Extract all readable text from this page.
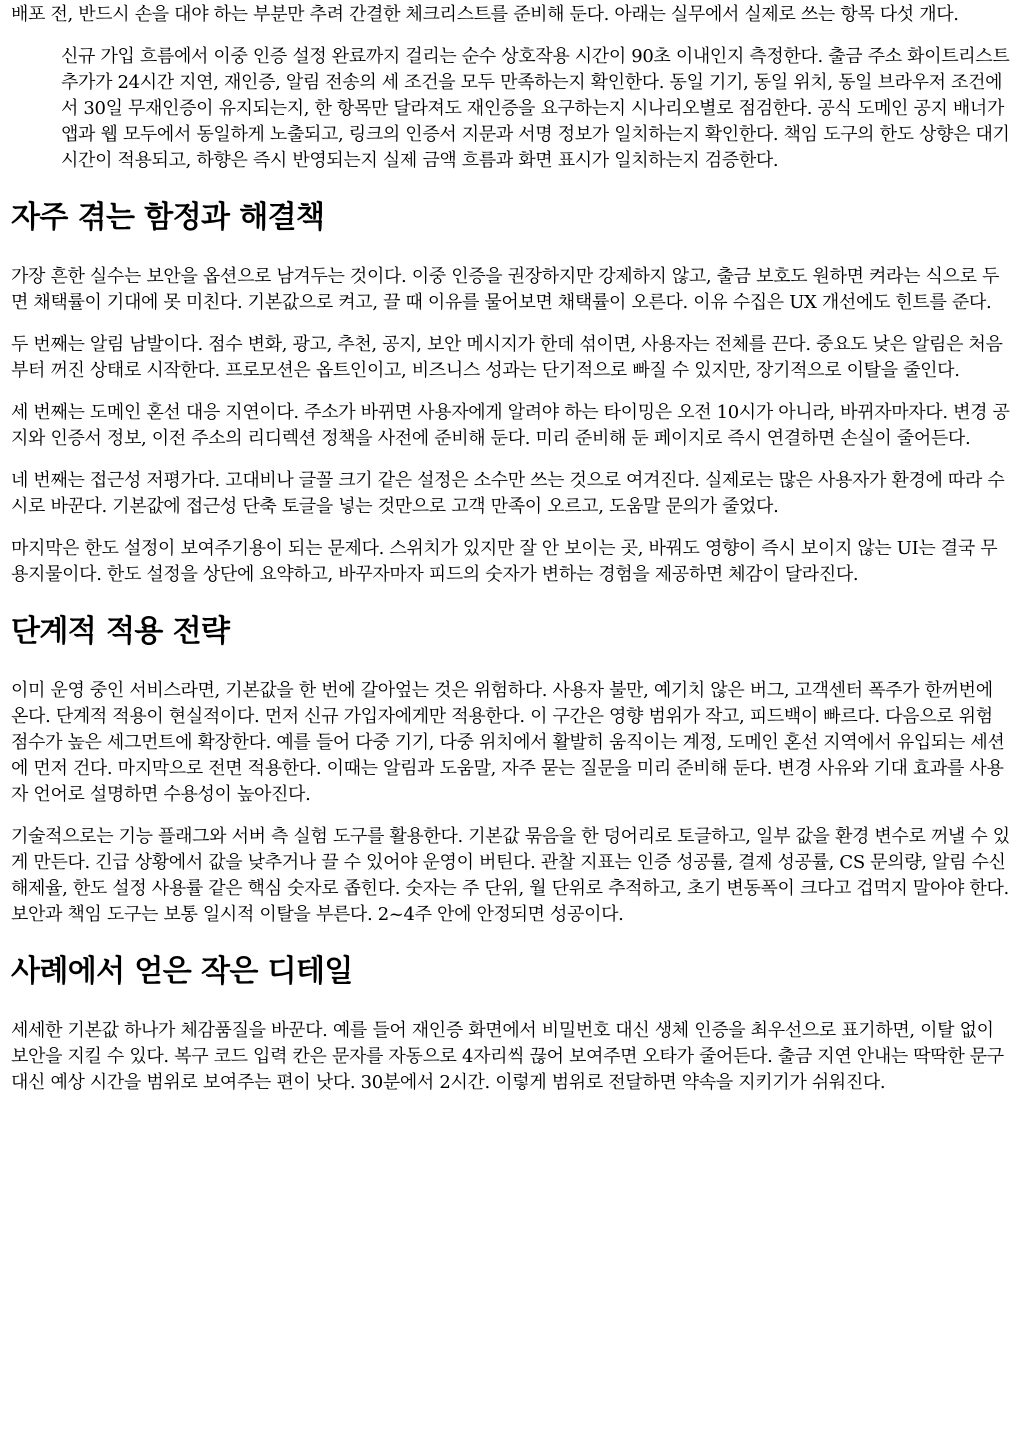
배포 전, 반드시 손을 대야 하는 부분만 추려 간결한 체크리스트를 준비해 둔다. 아래는 실무에서 실제로 쓰는 항목 다섯 개다.

신규 가입 흐름에서 이중 인증 설정 완료까지 걸리는 순수 상호작용 시간이 90초 이내인지 측정한다. 출금 주소 화이트리스트 추가가 24시간 지연, 재인증, 알림 전송의 세 조건을 모두 만족하는지 확인한다. 동일 기기, 동일 위치, 동일 브라우저 조건에서 30일 무재인증이 유지되는지, 한 항목만 달라져도 재인증을 요구하는지 시나리오별로 점검한다. 공식 도메인 공지 배너가 앱과 웹 모두에서 동일하게 노출되고, 링크의 인증서 지문과 서명 정보가 일치하는지 확인한다. 책임 도구의 한도 상향은 대기 시간이 적용되고, 하향은 즉시 반영되는지 실제 금액 흐름과 화면 표시가 일치하는지 검증한다.

자주 겪는 함정과 해결책

가장 흔한 실수는 보안을 옵션으로 남겨두는 것이다. 이중 인증을 권장하지만 강제하지 않고, 출금 보호도 원하면 켜라는 식으로 두면 채택률이 기대에 못 미친다. 기본값으로 켜고, 끌 때 이유를 물어보면 채택률이 오른다. 이유 수집은 UX 개선에도 힌트를 준다.

두 번째는 알림 남발이다. 점수 변화, 광고, 추천, 공지, 보안 메시지가 한데 섞이면, 사용자는 전체를 끈다. 중요도 낮은 알림은 처음부터 꺼진 상태로 시작한다. 프로모션은 옵트인이고, 비즈니스 성과는 단기적으로 빠질 수 있지만, 장기적으로 이탈을 줄인다.

세 번째는 도메인 혼선 대응 지연이다. 주소가 바뀌면 사용자에게 알려야 하는 타이밍은 오전 10시가 아니라, 바뀌자마자다. 변경 공지와 인증서 정보, 이전 주소의 리디렉션 정책을 사전에 준비해 둔다. 미리 준비해 둔 페이지로 즉시 연결하면 손실이 줄어든다.

네 번째는 접근성 저평가다. 고대비나 글꼴 크기 같은 설정은 소수만 쓰는 것으로 여겨진다. 실제로는 많은 사용자가 환경에 따라 수시로 바꾼다. 기본값에 접근성 단축 토글을 넣는 것만으로 고객 만족이 오르고, 도움말 문의가 줄었다.

마지막은 한도 설정이 보여주기용이 되는 문제다. 스위치가 있지만 잘 안 보이는 곳, 바꿔도 영향이 즉시 보이지 않는 UI는 결국 무용지물이다. 한도 설정을 상단에 요약하고, 바꾸자마자 피드의 숫자가 변하는 경험을 제공하면 체감이 달라진다.

단계적 적용 전략

이미 운영 중인 서비스라면, 기본값을 한 번에 갈아엎는 것은 위험하다. 사용자 불만, 예기치 않은 버그, 고객센터 폭주가 한꺼번에 온다. 단계적 적용이 현실적이다. 먼저 신규 가입자에게만 적용한다. 이 구간은 영향 범위가 작고, 피드백이 빠르다. 다음으로 위험 점수가 높은 세그먼트에 확장한다. 예를 들어 다중 기기, 다중 위치에서 활발히 움직이는 계정, 도메인 혼선 지역에서 유입되는 세션에 먼저 건다. 마지막으로 전면 적용한다. 이때는 알림과 도움말, 자주 묻는 질문을 미리 준비해 둔다. 변경 사유와 기대 효과를 사용자 언어로 설명하면 수용성이 높아진다.

기술적으로는 기능 플래그와 서버 측 실험 도구를 활용한다. 기본값 묶음을 한 덩어리로 토글하고, 일부 값을 환경 변수로 꺼낼 수 있게 만든다. 긴급 상황에서 값을 낮추거나 끌 수 있어야 운영이 버틴다. 관찰 지표는 인증 성공률, 결제 성공률, CS 문의량, 알림 수신 해제율, 한도 설정 사용률 같은 핵심 숫자로 좁힌다. 숫자는 주 단위, 월 단위로 추적하고, 초기 변동폭이 크다고 겁먹지 말아야 한다. 보안과 책임 도구는 보통 일시적 이탈을 부른다. 2~4주 안에 안정되면 성공이다.

사례에서 얻은 작은 디테일

세세한 기본값 하나가 체감품질을 바꾼다. 예를 들어 재인증 화면에서 비밀번호 대신 생체 인증을 최우선으로 표기하면, 이탈 없이 보안을 지킬 수 있다. 복구 코드 입력 칸은 문자를 자동으로 4자리씩 끊어 보여주면 오타가 줄어든다. 출금 지연 안내는 딱딱한 문구 대신 예상 시간을 범위로 보여주는 편이 낫다. 30분에서 2시간. 이렇게 범위로 전달하면 약속을 지키기가 쉬워진다.
